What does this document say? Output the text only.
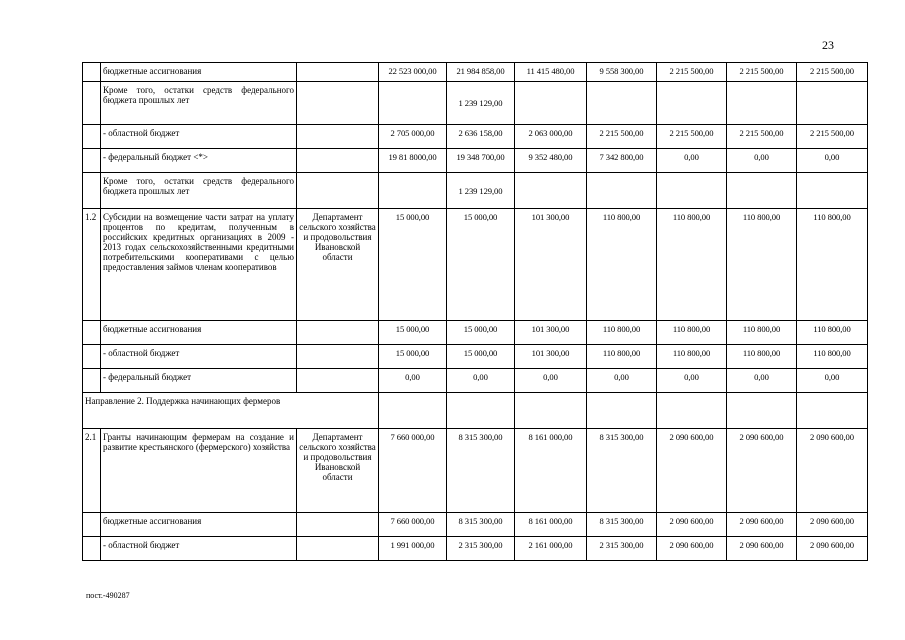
23
	бюджетные ассигнования		22 523 000,00	21 984 858,00	11 415 480,00	9 558 300,00	2 215 500,00	2 215 500,00	2 215 500,00
	Кроме того, остатки средств федерального бюджета прошлых лет			1 239 129,00					
	- областной бюджет		2 705 000,00	2 636 158,00	2 063 000,00	2 215 500,00	2 215 500,00	2 215 500,00	2 215 500,00
	- федеральный бюджет <*>		19 81 8000,00	19 348 700,00	9 352 480,00	7 342 800,00	0,00	0,00	0,00
	Кроме того, остатки средств федерального бюджета прошлых лет			1 239 129,00					
1.2	Субсидии на возмещение части затрат на уплату процентов по кредитам, полученным в российских кредитных организациях в 2009 - 2013 годах сельскохозяйственными кредитными потребительскими кооперативами с целью предоставления займов членам кооперативов	Департамент сельского хозяйства и продовольствия Ивановской области	15 000,00	15 000,00	101 300,00	110 800,00	110 800,00	110 800,00	110 800,00
	бюджетные ассигнования		15 000,00	15 000,00	101 300,00	110 800,00	110 800,00	110 800,00	110 800,00
	- областной бюджет		15 000,00	15 000,00	101 300,00	110 800,00	110 800,00	110 800,00	110 800,00
	- федеральный бюджет		0,00	0,00	0,00	0,00	0,00	0,00	0,00
Направление 2. Поддержка начинающих фермеров									
2.1	Гранты начинающим фермерам на создание и развитие крестьянского (фермерского) хозяйства	Департамент сельского хозяйства и продовольствия Ивановской области	7 660 000,00	8 315 300,00	8 161 000,00	8 315 300,00	2 090 600,00	2 090 600,00	2 090 600,00
	бюджетные ассигнования		7 660 000,00	8 315 300,00	8 161 000,00	8 315 300,00	2 090 600,00	2 090 600,00	2 090 600,00
	- областной бюджет		1 991 000,00	2 315 300,00	2 161 000,00	2 315 300,00	2 090 600,00	2 090 600,00	2 090 600,00
пост.-490287
